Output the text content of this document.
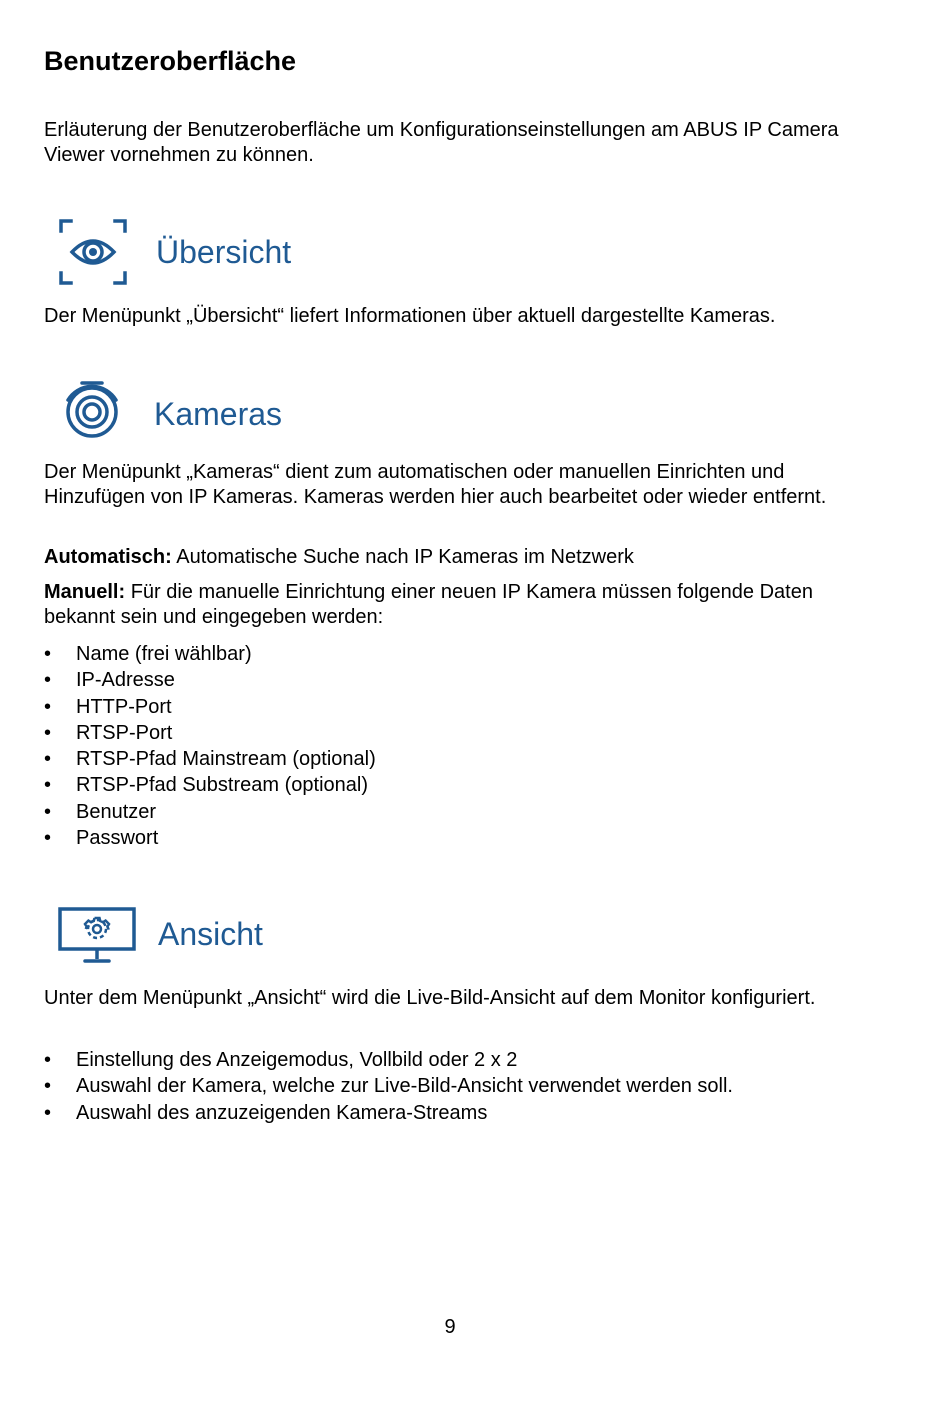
Benutzeroberfläche

Erläuterung der Benutzeroberfläche um Konfigurationseinstellungen am ABUS IP Camera Viewer vornehmen zu können.

Übersicht

Der Menüpunkt „Übersicht“ liefert Informationen über aktuell dargestellte Kameras.

Kameras

Der Menüpunkt „Kameras“ dient zum automatischen oder manuellen Einrichten und Hinzufügen von IP Kameras. Kameras werden hier auch bearbeitet oder wieder entfernt.

Automatisch: Automatische Suche nach IP Kameras im Netzwerk

Manuell: Für die manuelle Einrichtung einer neuen IP Kamera müssen folgende Daten bekannt sein und eingegeben werden:

• Name (frei wählbar)
• IP-Adresse
• HTTP-Port
• RTSP-Port
• RTSP-Pfad Mainstream (optional)
• RTSP-Pfad Substream (optional)
• Benutzer
• Passwort
Ansicht

Unter dem Menüpunkt „Ansicht“ wird die Live-Bild-Ansicht auf dem Monitor konfiguriert.

• Einstellung des Anzeigemodus, Vollbild oder 2 x 2
• Auswahl der Kamera, welche zur Live-Bild-Ansicht verwendet werden soll.
• Auswahl des anzuzeigenden Kamera-Streams
9
